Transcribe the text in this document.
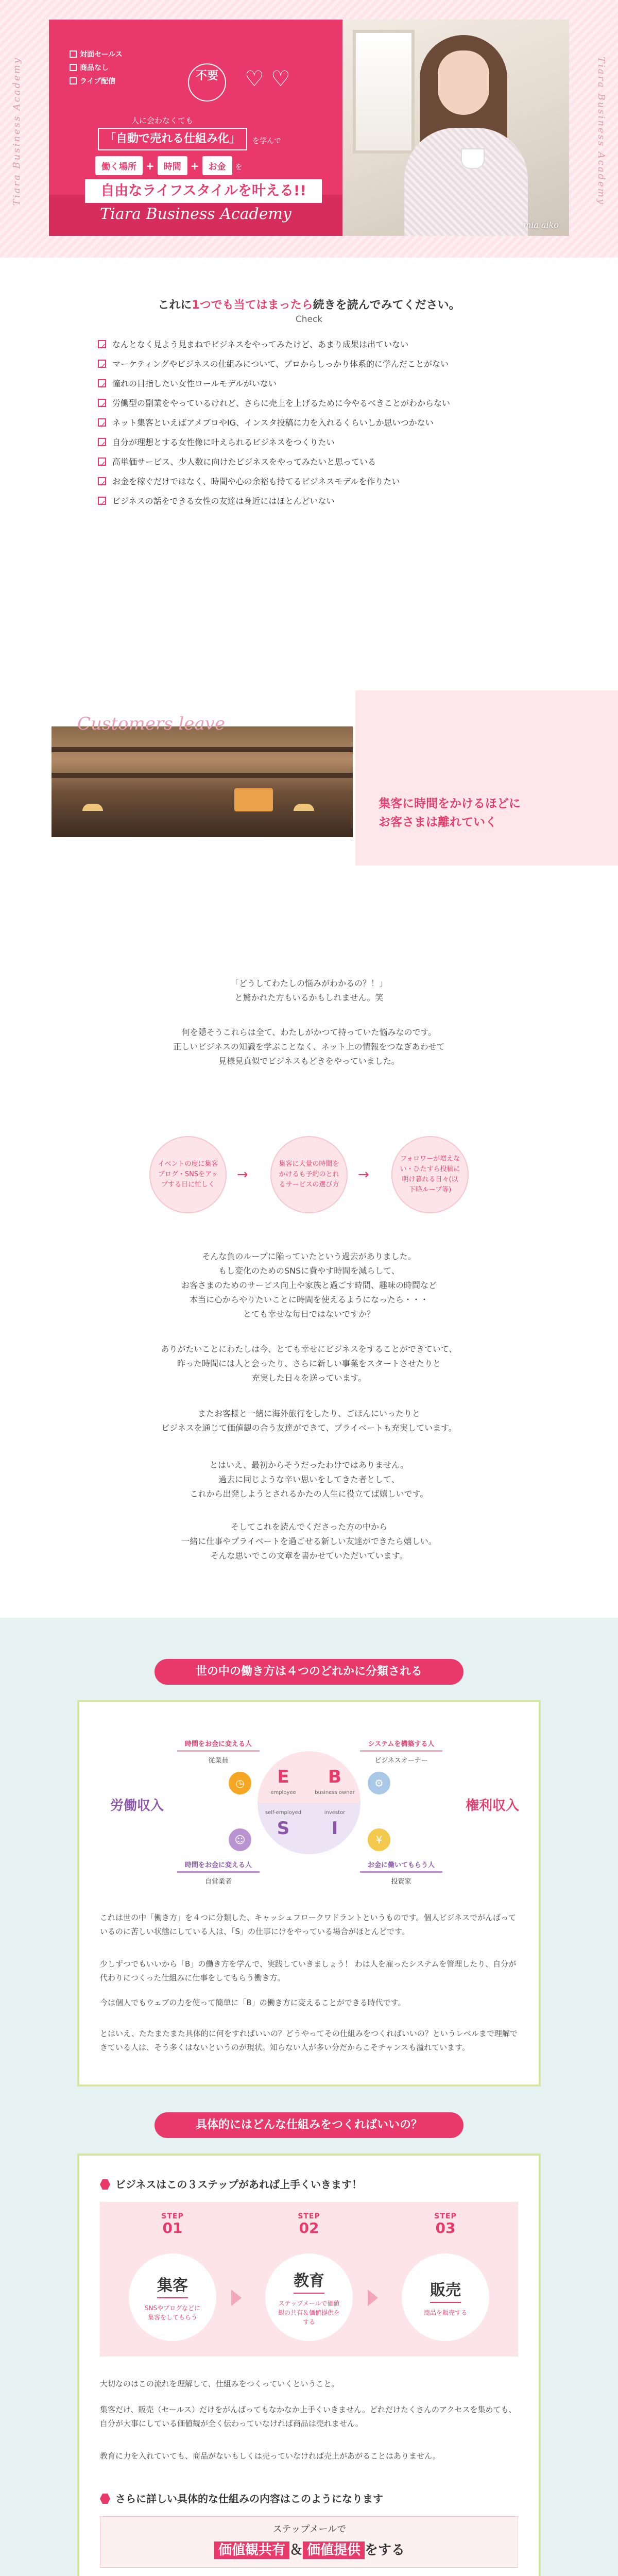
Tiara Business Academy	Tiara Business Academy
対面セールス
商品なし
ライブ配信	不要	♡ ♡
人に会わなくても
「自動で売れる仕組み化」	を学んで
働く場所 + 時間 + お金 を
自由なライフスタイルを叶える!!
Tiara Business Academy
mia aiko
これに1つでも当てはまったら続きを読んでみてください。
Check
✓なんとなく見よう見まねでビジネスをやってみたけど、あまり成果は出ていない
✓マーケティングやビジネスの仕組みについて、プロからしっかり体系的に学んだことがない
✓憧れの目指したい女性ロールモデルがいない
✓労働型の副業をやっているけれど、さらに売上を上げるために今やるべきことがわからない
✓ネット集客といえばアメブロやIG、インスタ投稿に力を入れるくらいしか思いつかない
✓自分が理想とする女性像に叶えられるビジネスをつくりたい
✓高単価サービス、少人数に向けたビジネスをやってみたいと思っている
✓お金を稼ぐだけではなく、時間や心の余裕も持てるビジネスモデルを作りたい
✓ビジネスの話をできる女性の友達は身近にはほとんどいない
Customers leave
集客に時間をかけるほどに
お客さまは離れていく
「どうしてわたしの悩みがわかるの？！」
と驚かれた方もいるかもしれません。笑
何を隠そうこれらは全て、わたしがかつて持っていた悩みなのです。
正しいビジネスの知識を学ぶことなく、ネット上の情報をつなぎあわせて
見様見真似でビジネスもどきをやっていました。
イベントの度に集客ブログ・SNSをアップする日に忙しく
→
集客に大量の時間をかけるも予約のとれるサービスの選び方
→
フォロワーが増えない・ひたすら投稿に明け暮れる日々(以下略ループ等)
そんな負のループに陥っていたという過去がありました。
もし変化のためのSNSに費やす時間を減らして、
お客さまのためのサービス向上や家族と過ごす時間、趣味の時間など
本当に心からやりたいことに時間を使えるようになったら・・・
とても幸せな毎日ではないですか？
ありがたいことにわたしは今、とても幸せにビジネスをすることができていて、
昨った時間には人と会ったり、さらに新しい事業をスタートさせたりと
充実した日々を送っています。
またお客様と一緒に海外旅行をしたり、ごほんにいったりと
ビジネスを通じて価値観の合う友達ができて、プライベートも充実しています。
とはいえ、最初からそうだったわけではありません。
過去に同じような辛い思いをしてきた者として、
これから出発しようとされるかたの人生に役立てば嬉しいです。
そしてこれを読んでくださった方の中から
一緒に仕事やプライベートを過ごせる新しい友達ができたら嬉しい。
そんな思いでこの文章を書かせていただいています。
世の中の働き方は４つのどれかに分類される
E
employee
B
business owner
S
self-employed
I
investor
労働収入	権利収入
時間をお金に変える人
従業員
システムを構築する人
ビジネスオーナー
時間をお金に変える人
自営業者
お金に働いてもらう人
投資家
◷	⚙
☺	¥
これは世の中「働き方」を４つに分類した、キャッシュフロークワドラントというものです。個人ビジネスでがんばっているのに苦しい状態にしている人は、「S」の仕事にけをやっている場合がほとんどです。
少しずつでもいいから「B」の働き方を学んで、実践していきましょう！ わは人を雇ったシステムを管理したり、自分が代わりにつくった仕組みに仕事をしてもらう働き方。
今は個人でもウェブの力を使って簡単に「B」の働き方に変えることができる時代です。
とはいえ、たたまたまた具体的に何をすればいいの？どうやってその仕組みをつくればいいの？というレベルまで理解できている人は、そう多くはないというのが現状。知らない人が多い分だからこそチャンスも溢れています。
具体的にはどんな仕組みをつくればいいの？
ビジネスはこの３ステップがあれば上手くいきます！
STEP
01
STEP
02
STEP
03
集客
SNSやブログなどに集客をしてもらう
教育
ステップメールで価値観の共有＆価値提供をする
販売
商品を販売する
大切なのはこの流れを理解して、仕組みをつくっていくということ。
集客だけ、販売（セールス）だけをがんばってもなかなか上手くいきません。どれだけたくさんのアクセスを集めても、自分が大事にしている価値観が全く伝わっていなければ商品は売れません。
教育に力を入れていても、商品がないもしくは売っていなければ売上があがることはありません。
さらに詳しい具体的な仕組みの内容はこのようになります
ステップメールで
価値観共有 ＆ 価値提供 をする
